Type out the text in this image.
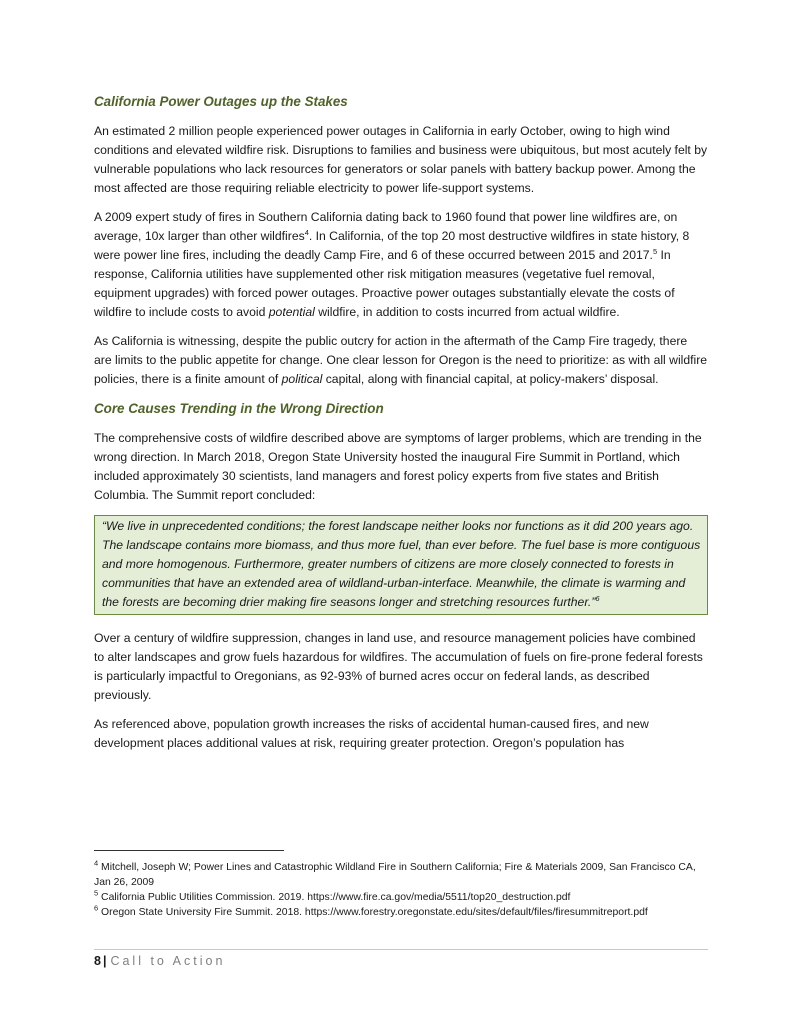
California Power Outages up the Stakes

An estimated 2 million people experienced power outages in California in early October, owing to high wind conditions and elevated wildfire risk. Disruptions to families and business were ubiquitous, but most acutely felt by vulnerable populations who lack resources for generators or solar panels with battery backup power. Among the most affected are those requiring reliable electricity to power life-support systems.

A 2009 expert study of fires in Southern California dating back to 1960 found that power line wildfires are, on average, 10x larger than other wildfires$^4$. In California, of the top 20 most destructive wildfires in state history, 8 were power line fires, including the deadly Camp Fire, and 6 of these occurred between 2015 and 2017.$^5$ In response, California utilities have supplemented other risk mitigation measures (vegetative fuel removal, equipment upgrades) with forced power outages. Proactive power outages substantially elevate the costs of wildfire to include costs to avoid potential wildfire, in addition to costs incurred from actual wildfire.

As California is witnessing, despite the public outcry for action in the aftermath of the Camp Fire tragedy, there are limits to the public appetite for change. One clear lesson for Oregon is the need to prioritize: as with all wildfire policies, there is a finite amount of political capital, along with financial capital, at policy-makers’ disposal.

Core Causes Trending in the Wrong Direction

The comprehensive costs of wildfire described above are symptoms of larger problems, which are trending in the wrong direction. In March 2018, Oregon State University hosted the inaugural Fire Summit in Portland, which included approximately 30 scientists, land managers and forest policy experts from five states and British Columbia. The Summit report concluded:

“We live in unprecedented conditions; the forest landscape neither looks nor functions as it did 200 years ago. The landscape contains more biomass, and thus more fuel, than ever before. The fuel base is more contiguous and more homogenous. Furthermore, greater numbers of citizens are more closely connected to forests in communities that have an extended area of wildland-urban-interface. Meanwhile, the climate is warming and the forests are becoming drier making fire seasons longer and stretching resources further.”$^6$

Over a century of wildfire suppression, changes in land use, and resource management policies have combined to alter landscapes and grow fuels hazardous for wildfires. The accumulation of fuels on fire-prone federal forests is particularly impactful to Oregonians, as 92-93% of burned acres occur on federal lands, as described previously.

As referenced above, population growth increases the risks of accidental human-caused fires, and new development places additional values at risk, requiring greater protection. Oregon’s population has

$^4$ Mitchell, Joseph W; Power Lines and Catastrophic Wildland Fire in Southern California; Fire & Materials 2009, San Francisco CA, Jan 26, 2009

$^5$ California Public Utilities Commission. 2019. https://www.fire.ca.gov/media/5511/top20_destruction.pdf

$^6$ Oregon State University Fire Summit. 2018. https://www.forestry.oregonstate.edu/sites/default/files/firesummitreport.pdf

8 | Call to Action
